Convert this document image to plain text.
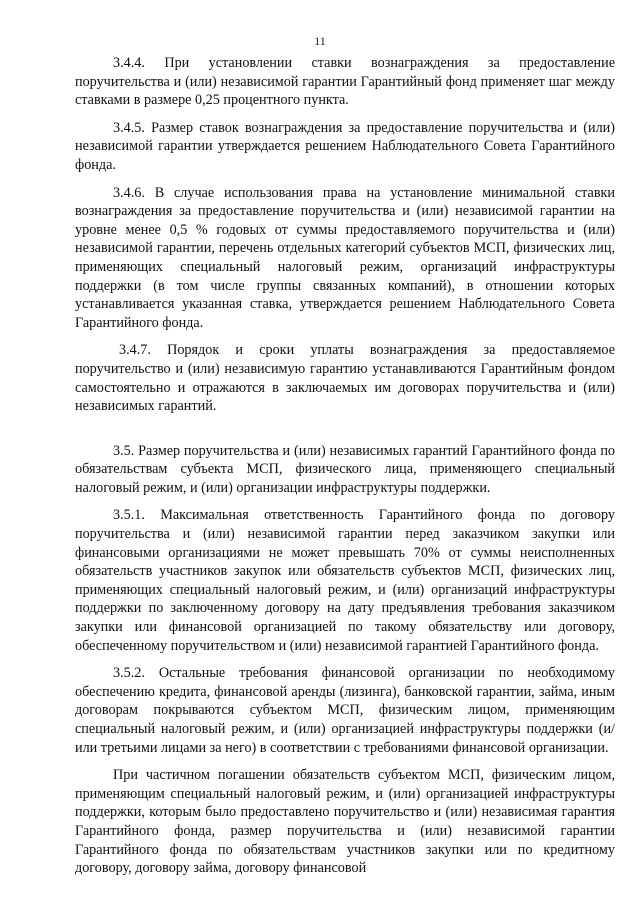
11

3.4.4. При установлении ставки вознаграждения за предоставление поручительства и (или) независимой гарантии Гарантийный фонд применяет шаг между ставками в размере 0,25 процентного пункта.

3.4.5. Размер ставок вознаграждения за предоставление поручительства и (или) независимой гарантии утверждается решением Наблюдательного Совета Гарантийного фонда.

3.4.6. В случае использования права на установление минимальной ставки вознаграждения за предоставление поручительства и (или) независимой гарантии на уровне менее 0,5 % годовых от суммы предоставляемого поручительства и (или) независимой гарантии, перечень отдельных категорий субъектов МСП, физических лиц, применяющих специальный налоговый режим, организаций инфраструктуры поддержки (в том числе группы связанных компаний), в отношении которых устанавливается указанная ставка, утверждается решением Наблюдательного Совета Гарантийного фонда.

3.4.7. Порядок и сроки уплаты вознаграждения за предоставляемое поручительство и (или) независимую гарантию устанавливаются Гарантийным фондом самостоятельно и отражаются в заключаемых им договорах поручительства и (или) независимых гарантий.

3.5. Размер поручительства и (или) независимых гарантий Гарантийного фонда по обязательствам субъекта МСП, физического лица, применяющего специальный налоговый режим, и (или) организации инфраструктуры поддержки.

3.5.1. Максимальная ответственность Гарантийного фонда по договору поручительства и (или) независимой гарантии перед заказчиком закупки или финансовыми организациями не может превышать 70% от суммы неисполненных обязательств участников закупок или обязательств субъектов МСП, физических лиц, применяющих специальный налоговый режим, и (или) организаций инфраструктуры поддержки по заключенному договору на дату предъявления требования заказчиком закупки или финансовой организацией по такому обязательству или договору, обеспеченному поручительством и (или) независимой гарантией Гарантийного фонда.

3.5.2. Остальные требования финансовой организации по необходимому обеспечению кредита, финансовой аренды (лизинга), банковской гарантии, займа, иным договорам покрываются субъектом МСП, физическим лицом, применяющим специальный налоговый режим, и (или) организацией инфраструктуры поддержки (и/или третьими лицами за него) в соответствии с требованиями финансовой организации.

При частичном погашении обязательств субъектом МСП, физическим лицом, применяющим специальный налоговый режим, и (или) организацией инфраструктуры поддержки, которым было предоставлено поручительство и (или) независимая гарантия Гарантийного фонда, размер поручительства и (или) независимой гарантии Гарантийного фонда по обязательствам участников закупки или по кредитному договору, договору займа, договору финансовой
